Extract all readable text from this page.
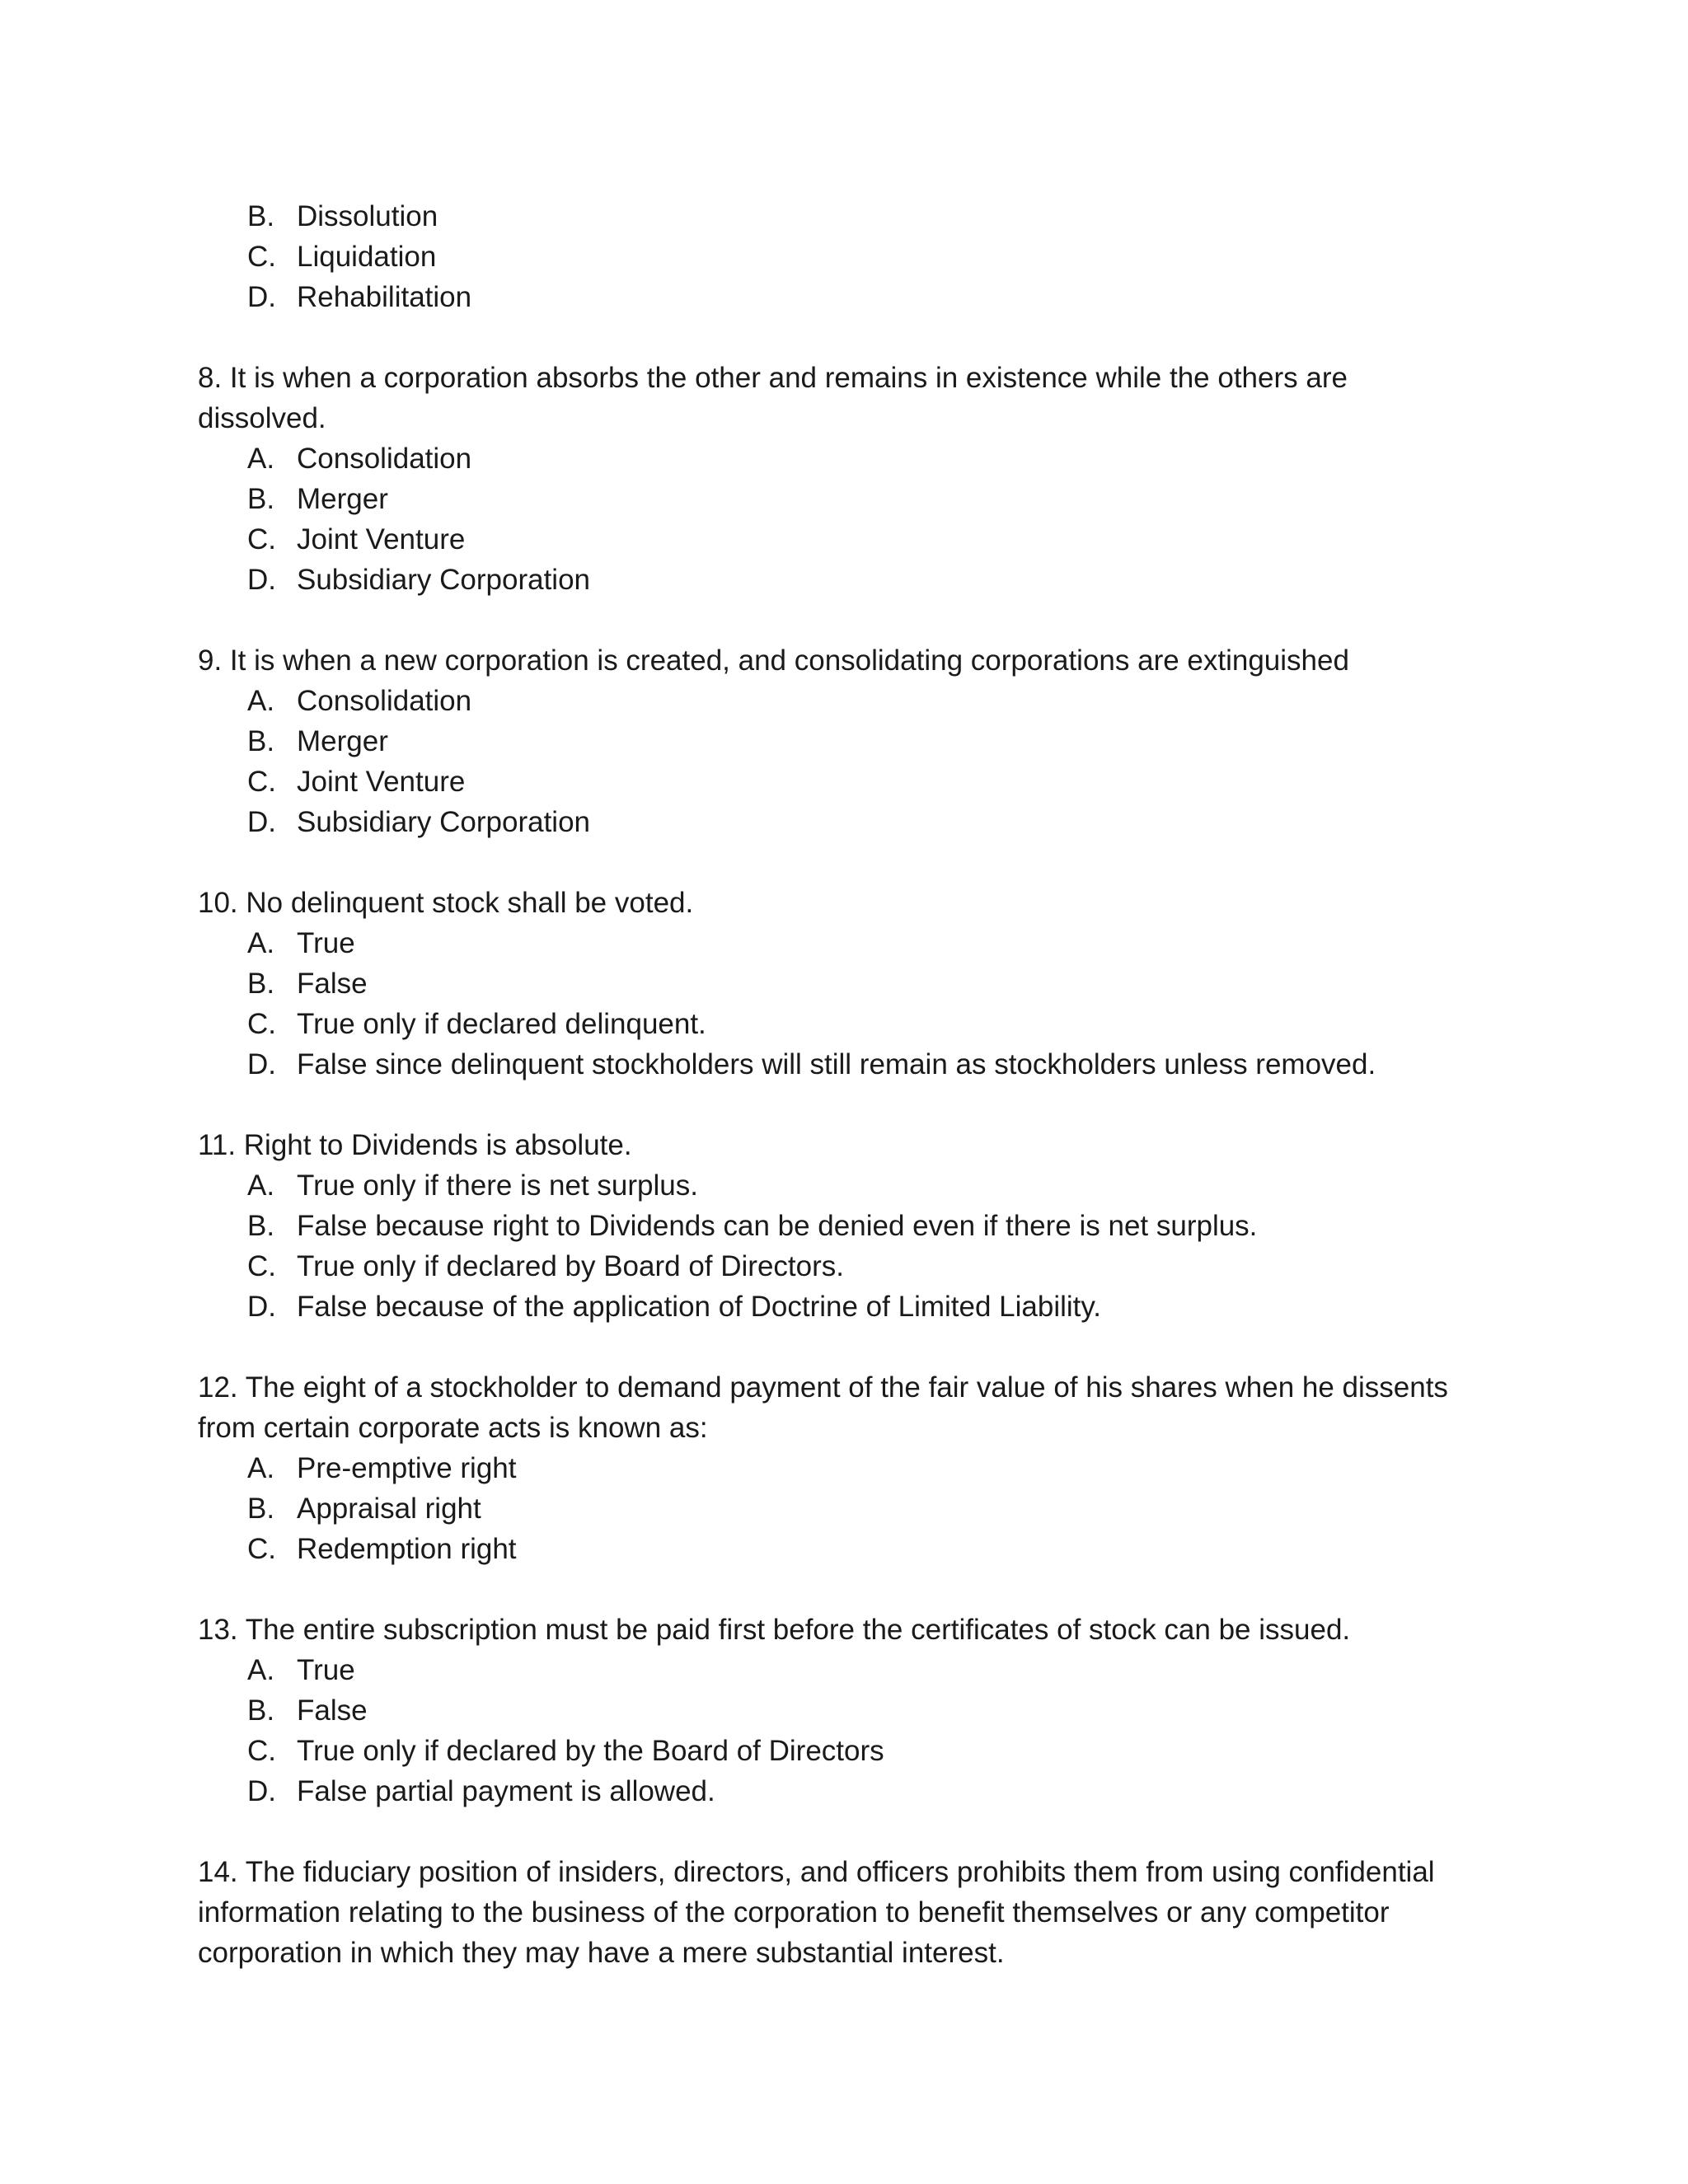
B. Dissolution
C. Liquidation
D. Rehabilitation

8. It is when a corporation absorbs the other and remains in existence while the others are dissolved.

A. Consolidation
B. Merger
C. Joint Venture
D. Subsidiary Corporation

9. It is when a new corporation is created, and consolidating corporations are extinguished

A. Consolidation
B. Merger
C. Joint Venture
D. Subsidiary Corporation

10. No delinquent stock shall be voted.

A. True
B. False
C. True only if declared delinquent.
D. False since delinquent stockholders will still remain as stockholders unless removed.

11. Right to Dividends is absolute.

A. True only if there is net surplus.
B. False because right to Dividends can be denied even if there is net surplus.
C. True only if declared by Board of Directors.
D. False because of the application of Doctrine of Limited Liability.

12. The eight of a stockholder to demand payment of the fair value of his shares when he dissents from certain corporate acts is known as:

A. Pre-emptive right
B. Appraisal right
C. Redemption right

13. The entire subscription must be paid first before the certificates of stock can be issued.

A. True
B. False
C. True only if declared by the Board of Directors
D. False partial payment is allowed.

14. The fiduciary position of insiders, directors, and officers prohibits them from using confidential information relating to the business of the corporation to benefit themselves or any competitor corporation in which they may have a mere substantial interest.
